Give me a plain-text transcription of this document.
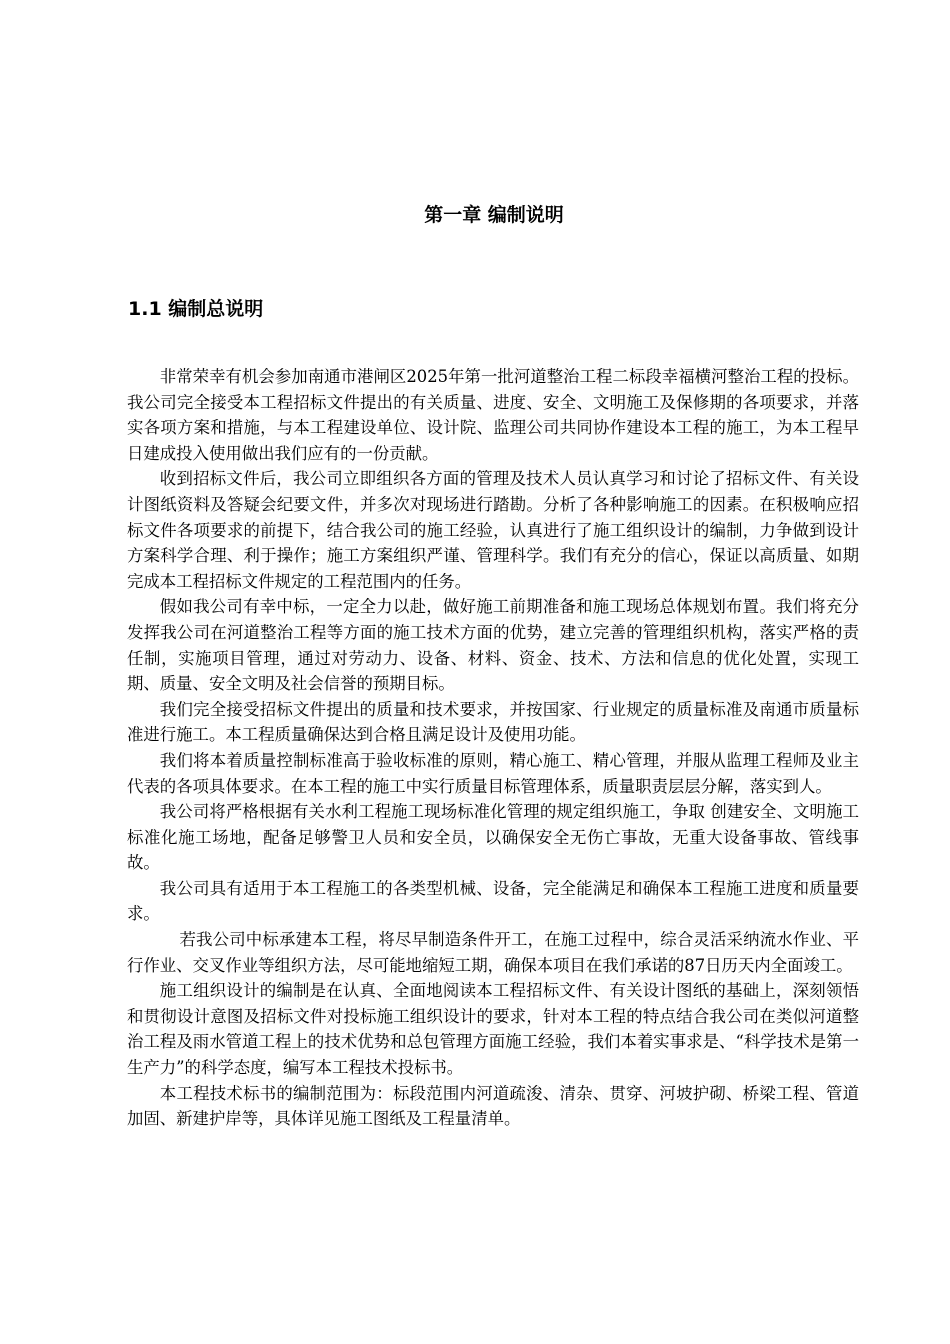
第一章 编制说明
1.1 编制总说明

非常荣幸有机会参加南通市港闸区2025年第一批河道整治工程二标段幸福横河整治工程的投标。我公司完全接受本工程招标文件提出的有关质量、进度、安全、文明施工及保修期的各项要求，并落实各项方案和措施，与本工程建设单位、设计院、监理公司共同协作建设本工程的施工，为本工程早日建成投入使用做出我们应有的一份贡献。

收到招标文件后，我公司立即组织各方面的管理及技术人员认真学习和讨论了招标文件、有关设计图纸资料及答疑会纪要文件，并多次对现场进行踏勘。分析了各种影响施工的因素。在积极响应招标文件各项要求的前提下，结合我公司的施工经验，认真进行了施工组织设计的编制，力争做到设计方案科学合理、利于操作；施工方案组织严谨、管理科学。我们有充分的信心，保证以高质量、如期完成本工程招标文件规定的工程范围内的任务。

假如我公司有幸中标，一定全力以赴，做好施工前期准备和施工现场总体规划布置。我们将充分发挥我公司在河道整治工程等方面的施工技术方面的优势，建立完善的管理组织机构，落实严格的责任制，实施项目管理，通过对劳动力、设备、材料、资金、技术、方法和信息的优化处置，实现工期、质量、安全文明及社会信誉的预期目标。

我们完全接受招标文件提出的质量和技术要求，并按国家、行业规定的质量标准及南通市质量标准进行施工。本工程质量确保达到合格且满足设计及使用功能。

我们将本着质量控制标准高于验收标准的原则，精心施工、精心管理，并服从监理工程师及业主代表的各项具体要求。在本工程的施工中实行质量目标管理体系，质量职责层层分解，落实到人。

我公司将严格根据有关水利工程施工现场标准化管理的规定组织施工，争取 创建安全、文明施工标准化施工场地，配备足够警卫人员和安全员，以确保安全无伤亡事故，无重大设备事故、管线事故。

我公司具有适用于本工程施工的各类型机械、设备，完全能满足和确保本工程施工进度和质量要求。

若我公司中标承建本工程，将尽早制造条件开工，在施工过程中，综合灵活采纳流水作业、平行作业、交叉作业等组织方法，尽可能地缩短工期，确保本项目在我们承诺的87日历天内全面竣工。

施工组织设计的编制是在认真、全面地阅读本工程招标文件、有关设计图纸的基础上，深刻领悟和贯彻设计意图及招标文件对投标施工组织设计的要求，针对本工程的特点结合我公司在类似河道整治工程及雨水管道工程上的技术优势和总包管理方面施工经验，我们本着实事求是、“科学技术是第一生产力”的科学态度，编写本工程技术投标书。

本工程技术标书的编制范围为：标段范围内河道疏浚、清杂、贯穿、河坡护砌、桥梁工程、管道加固、新建护岸等，具体详见施工图纸及工程量清单。
